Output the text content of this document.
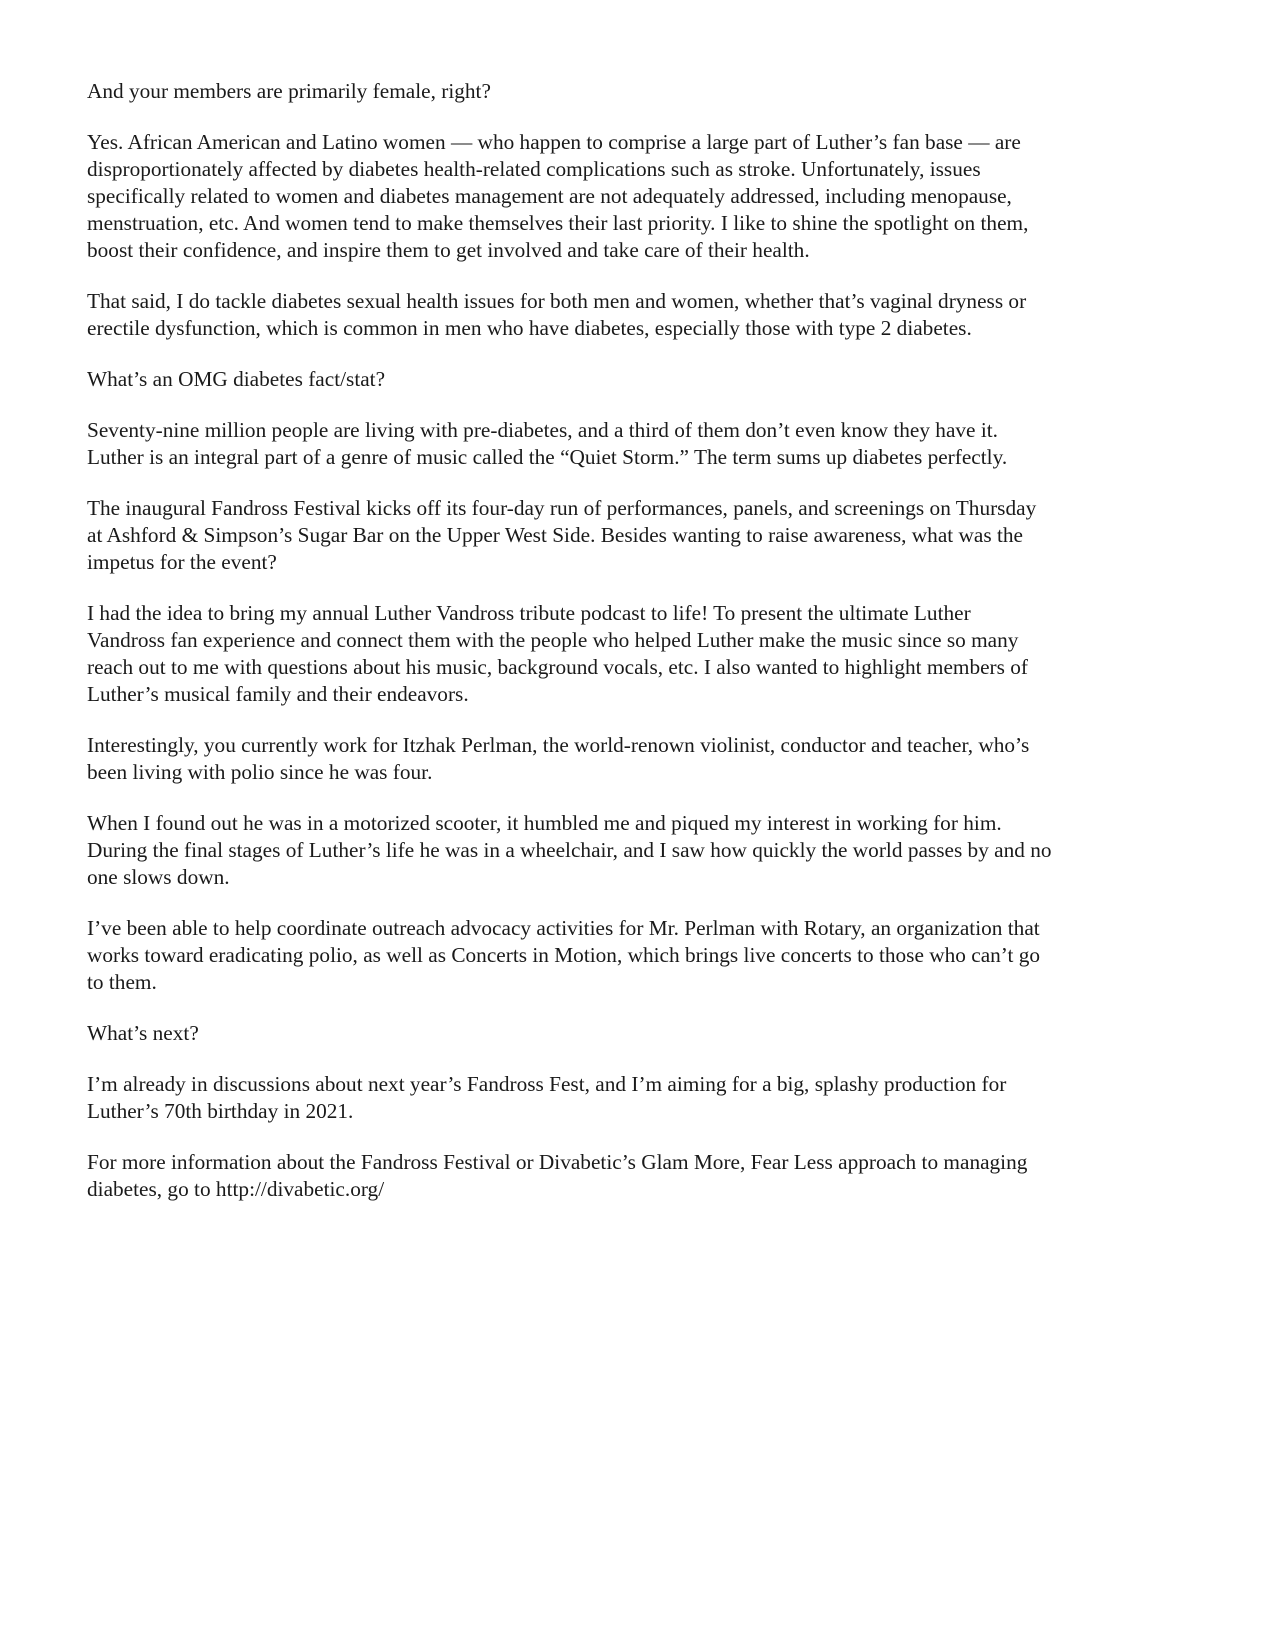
And your members are primarily female, right?

Yes. African American and Latino women — who happen to comprise a large part of Luther’s fan base — are
disproportionately affected by diabetes health-related complications such as stroke. Unfortunately, issues
specifically related to women and diabetes management are not adequately addressed, including menopause,
menstruation, etc. And women tend to make themselves their last priority. I like to shine the spotlight on them,
boost their confidence, and inspire them to get involved and take care of their health.

That said, I do tackle diabetes sexual health issues for both men and women, whether that’s vaginal dryness or
erectile dysfunction, which is common in men who have diabetes, especially those with type 2 diabetes.

What’s an OMG diabetes fact/stat?

Seventy-nine million people are living with pre-diabetes, and a third of them don’t even know they have it.
Luther is an integral part of a genre of music called the “Quiet Storm.” The term sums up diabetes perfectly.

The inaugural Fandross Festival kicks off its four-day run of performances, panels, and screenings on Thursday
at Ashford & Simpson’s Sugar Bar on the Upper West Side. Besides wanting to raise awareness, what was the
impetus for the event?

I had the idea to bring my annual Luther Vandross tribute podcast to life! To present the ultimate Luther
Vandross fan experience and connect them with the people who helped Luther make the music since so many
reach out to me with questions about his music, background vocals, etc. I also wanted to highlight members of
Luther’s musical family and their endeavors.

Interestingly, you currently work for Itzhak Perlman, the world-renown violinist, conductor and teacher, who’s
been living with polio since he was four.

When I found out he was in a motorized scooter, it humbled me and piqued my interest in working for him.
During the final stages of Luther’s life he was in a wheelchair, and I saw how quickly the world passes by and no
one slows down.

I’ve been able to help coordinate outreach advocacy activities for Mr. Perlman with Rotary, an organization that
works toward eradicating polio, as well as Concerts in Motion, which brings live concerts to those who can’t go
to them.

What’s next?

I’m already in discussions about next year’s Fandross Fest, and I’m aiming for a big, splashy production for
Luther’s 70th birthday in 2021.

For more information about the Fandross Festival or Divabetic’s Glam More, Fear Less approach to managing
diabetes, go to http://divabetic.org/
